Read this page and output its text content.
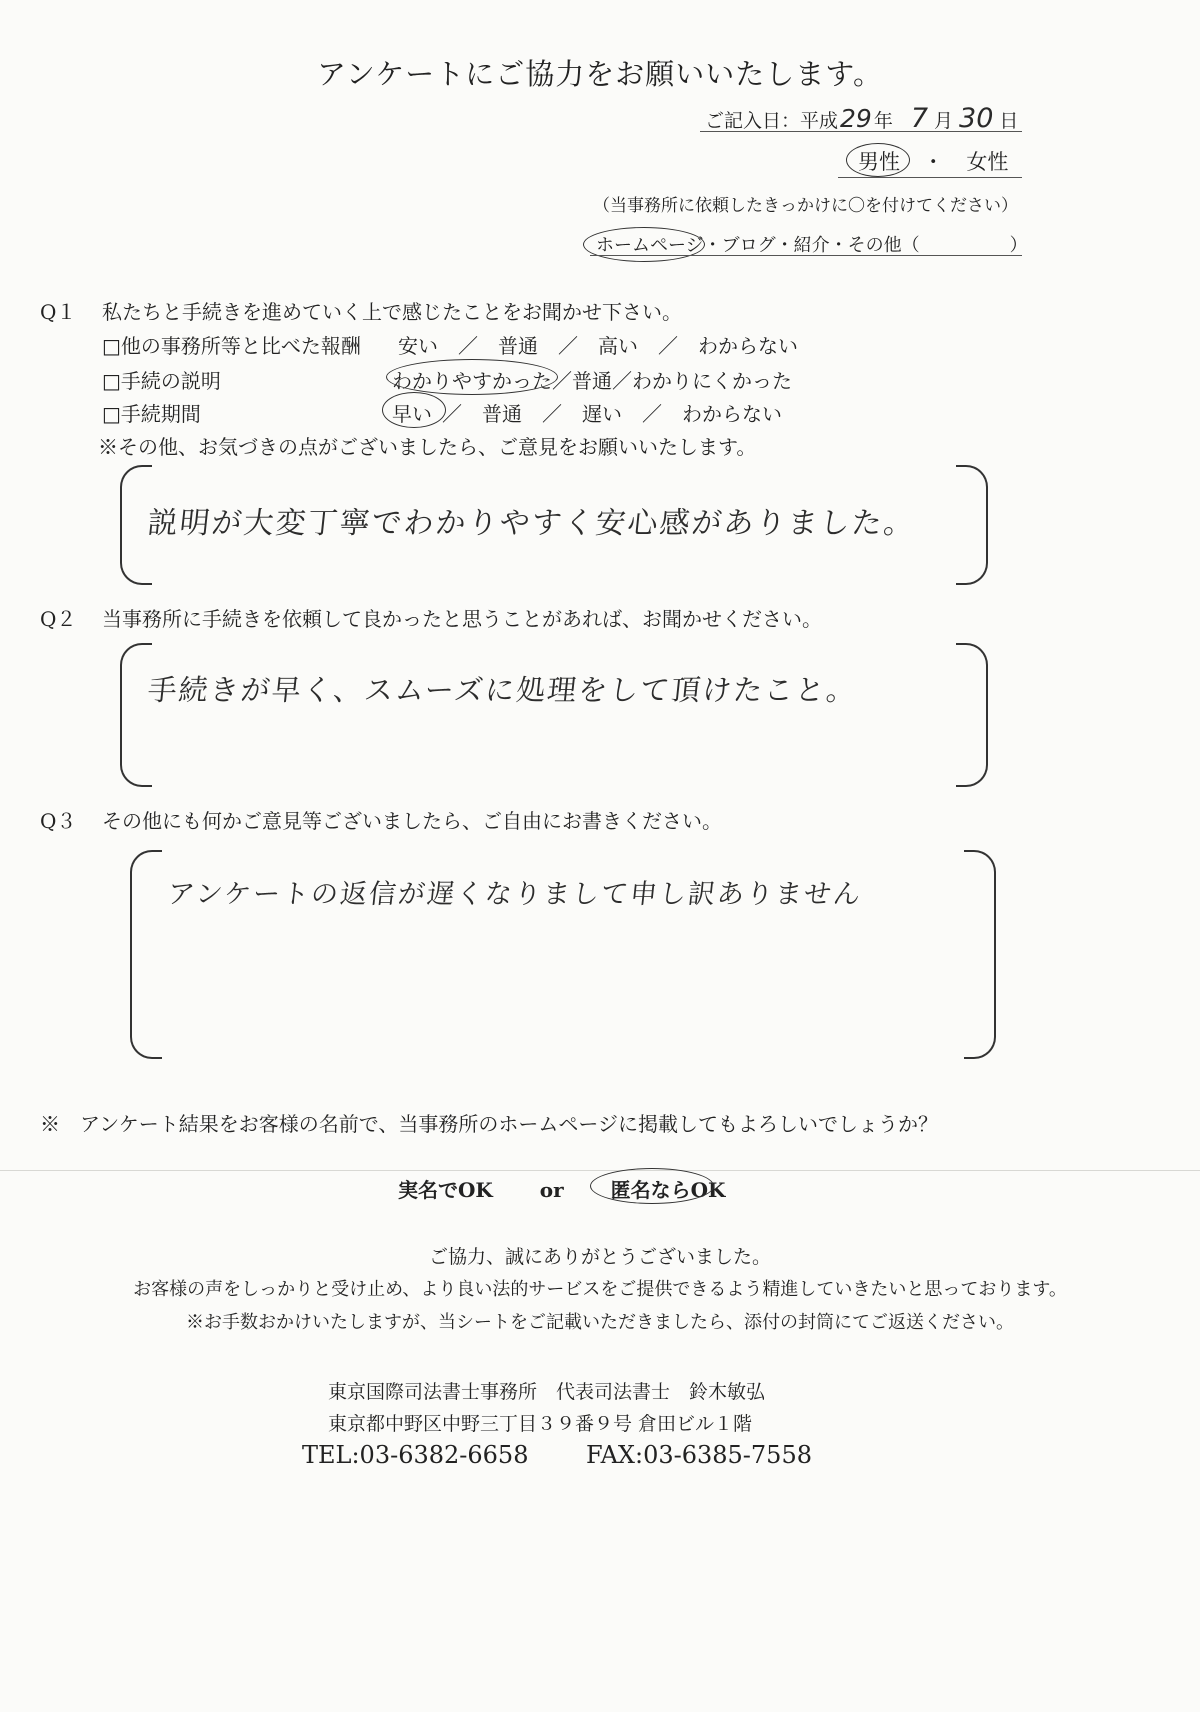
アンケートにご協力をお願いいたします。
ご記入日：平成29 年 7 月 30 日
男性 ・ 女性
（当事務所に依頼したきっかけに〇を付けてください）
ホームページ・ブログ・紹介・その他（　　　　　）
Q１ 私たちと手続きを進めていく上で感じたことをお聞かせ下さい。
□他の事務所等と比べた報酬 安い　／　普通　／　高い　／　わからない
□手続の説明	わかりやすかった／普通／わかりにくかった
□手続期間	早い ／　普通　／　遅い　／　わからない
※その他、お気づきの点がございましたら、ご意見をお願いいたします。
説明が大変丁寧でわかりやすく安心感がありました。
Q２ 当事務所に手続きを依頼して良かったと思うことがあれば、お聞かせください。
手続きが早く、スムーズに処理をして頂けたこと。
Q３ その他にも何かご意見等ございましたら、ご自由にお書きください。
アンケートの返信が遅くなりまして申し訳ありません
※　アンケート結果をお客様の名前で、当事務所のホームページに掲載してもよろしいでしょうか？
実名でOK or 匿名ならOK
ご協力、誠にありがとうございました。
お客様の声をしっかりと受け止め、より良い法的サービスをご提供できるよう精進していきたいと思っております。
※お手数おかけいたしますが、当シートをご記載いただきましたら、添付の封筒にてご返送ください。
東京国際司法書士事務所　代表司法書士　鈴木敏弘
東京都中野区中野三丁目３９番９号 倉田ビル１階
TEL:03-6382-6658 FAX:03-6385-7558
